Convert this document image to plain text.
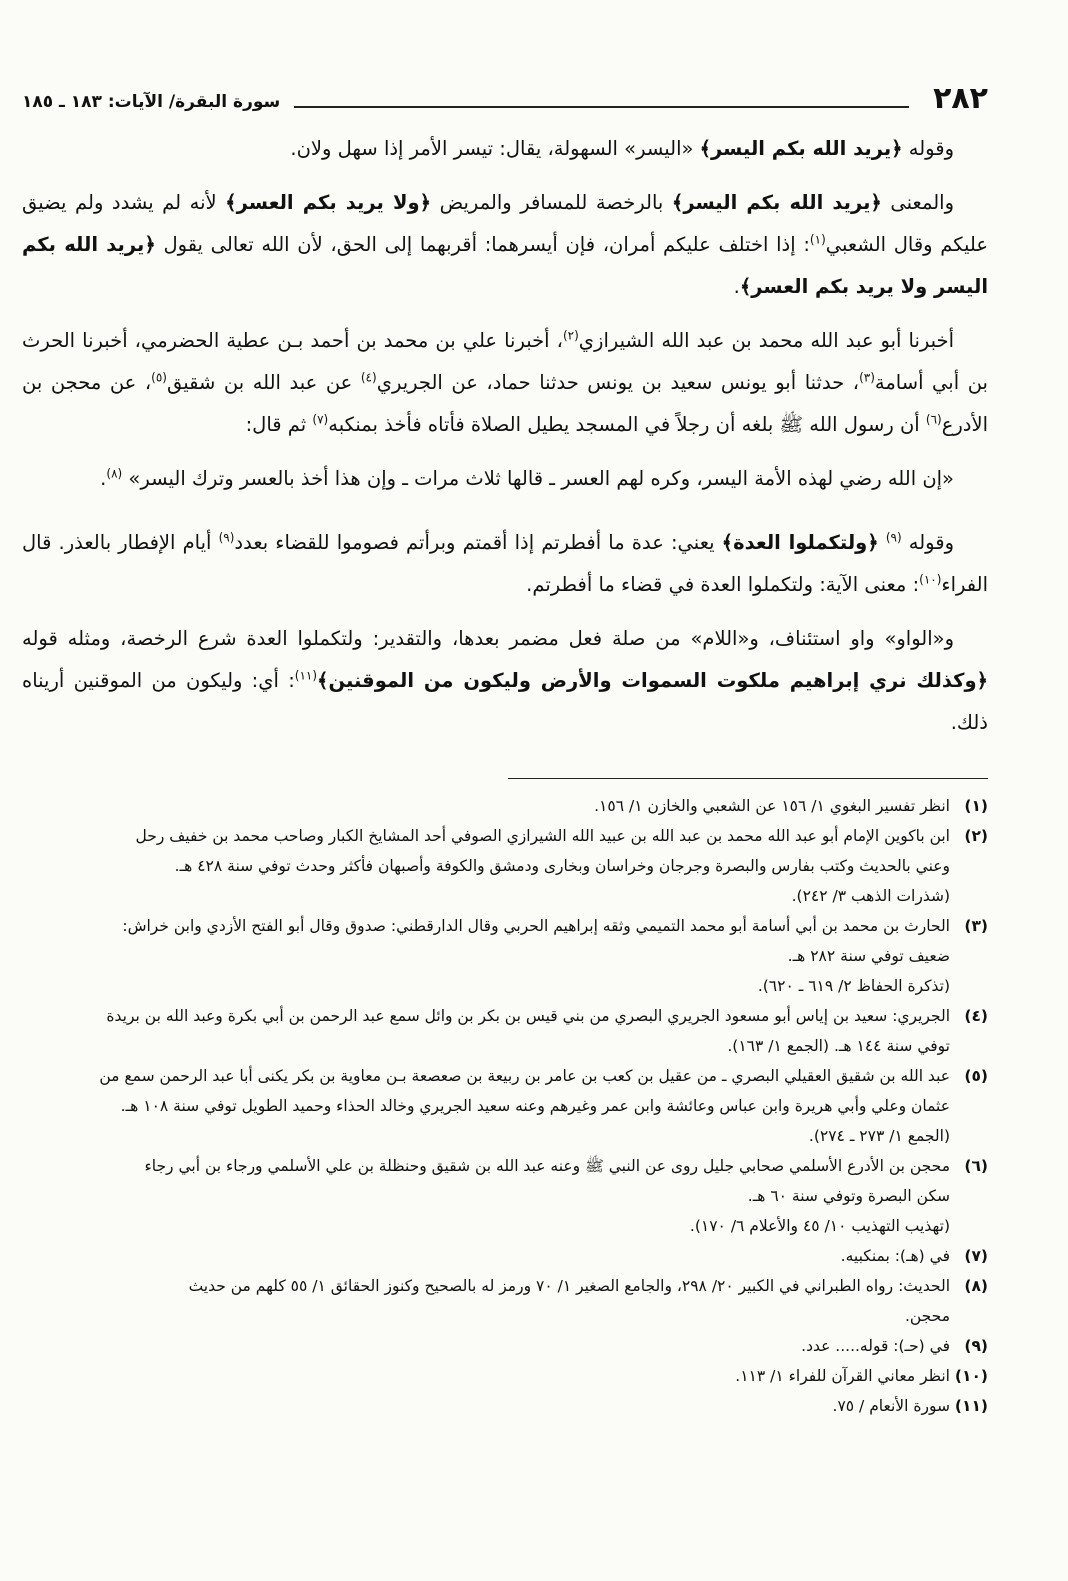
٢٨٢
سورة البقرة/ الآيات: ١٨٣ ـ ١٨٥

وقوله ﴿يريد الله بكم اليسر﴾ «اليسر» السهولة، يقال: تيسر الأمر إذا سهل ولان.

والمعنى ﴿يريد الله بكم اليسر﴾ بالرخصة للمسافر والمريض ﴿ولا يريد بكم العسر﴾ لأنه لم يشدد ولم يضيق عليكم وقال الشعبي$^{(١)}$: إذا اختلف عليكم أمران، فإن أيسرهما: أقربهما إلى الحق، لأن الله تعالى يقول ﴿يريد الله بكم اليسر ولا يريد بكم العسر﴾.

أخبرنا أبو عبد الله محمد بن عبد الله الشيرازي$^{(٢)}$، أخبرنا علي بن محمد بن أحمد بـن عطية الحضرمي، أخبرنا الحرث بن أبي أسامة$^{(٣)}$، حدثنا أبو يونس سعيد بن يونس حدثنا حماد، عن الجريري$^{(٤)}$ عن عبد الله بن شقيق$^{(٥)}$، عن محجن بن الأدرع$^{(٦)}$ أن رسول الله ﷺ بلغه أن رجلاً في المسجد يطيل الصلاة فأتاه فأخذ بمنكبه$^{(٧)}$ ثم قال:

«إن الله رضي لهذه الأمة اليسر، وكره لهم العسر ـ قالها ثلاث مرات ـ وإن هذا أخذ بالعسر وترك اليسر» $^{(٨)}$.

وقوله $^{(٩)}$ ﴿ولتكملوا العدة﴾ يعني: عدة ما أفطرتم إذا أقمتم وبرأتم فصوموا للقضاء بعدد$^{(٩)}$ أيام الإفطار بالعذر. قال الفراء$^{(١٠)}$: معنى الآية: ولتكملوا العدة في قضاء ما أفطرتم.

و«الواو» واو استئناف، و«اللام» من صلة فعل مضمر بعدها، والتقدير: ولتكملوا العدة شرع الرخصة، ومثله قوله ﴿وكذلك نري إبراهيم ملكوت السموات والأرض وليكون من الموقنين﴾$^{(١١)}$: أي: وليكون من الموقنين أريناه ذلك.

(١)
انظر تفسير البغوي ١/ ١٥٦ عن الشعبي والخازن ١/ ١٥٦.
(٢)
ابن باكوين الإمام أبو عبد الله محمد بن عبد الله بن عبيد الله الشيرازي الصوفي أحد المشايخ الكبار وصاحب محمد بن خفيف رحل
وعني بالحديث وكتب بفارس والبصرة وجرجان وخراسان وبخارى ودمشق والكوفة وأصبهان فأكثر وحدث توفي سنة ٤٢٨ هـ.
(شذرات الذهب ٣/ ٢٤٢).
(٣)
الحارث بن محمد بن أبي أسامة أبو محمد التميمي وثقه إبراهيم الحربي وقال الدارقطني: صدوق وقال أبو الفتح الأزدي وابن خراش:
ضعيف توفي سنة ٢٨٢ هـ.
(تذكرة الحفاظ ٢/ ٦١٩ ـ ٦٢٠).
(٤)
الجريري: سعيد بن إياس أبو مسعود الجريري البصري من بني قيس بن بكر بن وائل سمع عبد الرحمن بن أبي بكرة وعبد الله بن بريدة
توفي سنة ١٤٤ هـ. (الجمع ١/ ١٦٣).
(٥)
عبد الله بن شقيق العقيلي البصري ـ من عقيل بن كعب بن عامر بن ربيعة بن صعصعة بـن معاوية بن بكر يكنى أبا عبد الرحمن سمع من
عثمان وعلي وأبي هريرة وابن عباس وعائشة وابن عمر وغيرهم وعنه سعيد الجريري وخالد الحذاء وحميد الطويل توفي سنة ١٠٨ هـ.
(الجمع ١/ ٢٧٣ ـ ٢٧٤).
(٦)
محجن بن الأدرع الأسلمي صحابي جليل روى عن النبي ﷺ وعنه عبد الله بن شقيق وحنظلة بن علي الأسلمي ورجاء بن أبي رجاء
سكن البصرة وتوفي سنة ٦٠ هـ.
(تهذيب التهذيب ١٠/ ٤٥ والأعلام ٦/ ١٧٠).
(٧)
في (هـ): بمنكبيه.
(٨)
الحديث: رواه الطبراني في الكبير ٢٠/ ٢٩٨، والجامع الصغير ١/ ٧٠ ورمز له بالصحيح وكنوز الحقائق ١/ ٥٥ كلهم من حديث
محجن.
(٩)
في (حـ): قوله..... عدد.
(١٠)
انظر معاني القرآن للفراء ١/ ١١٣.
(١١)
سورة الأنعام / ٧٥.
